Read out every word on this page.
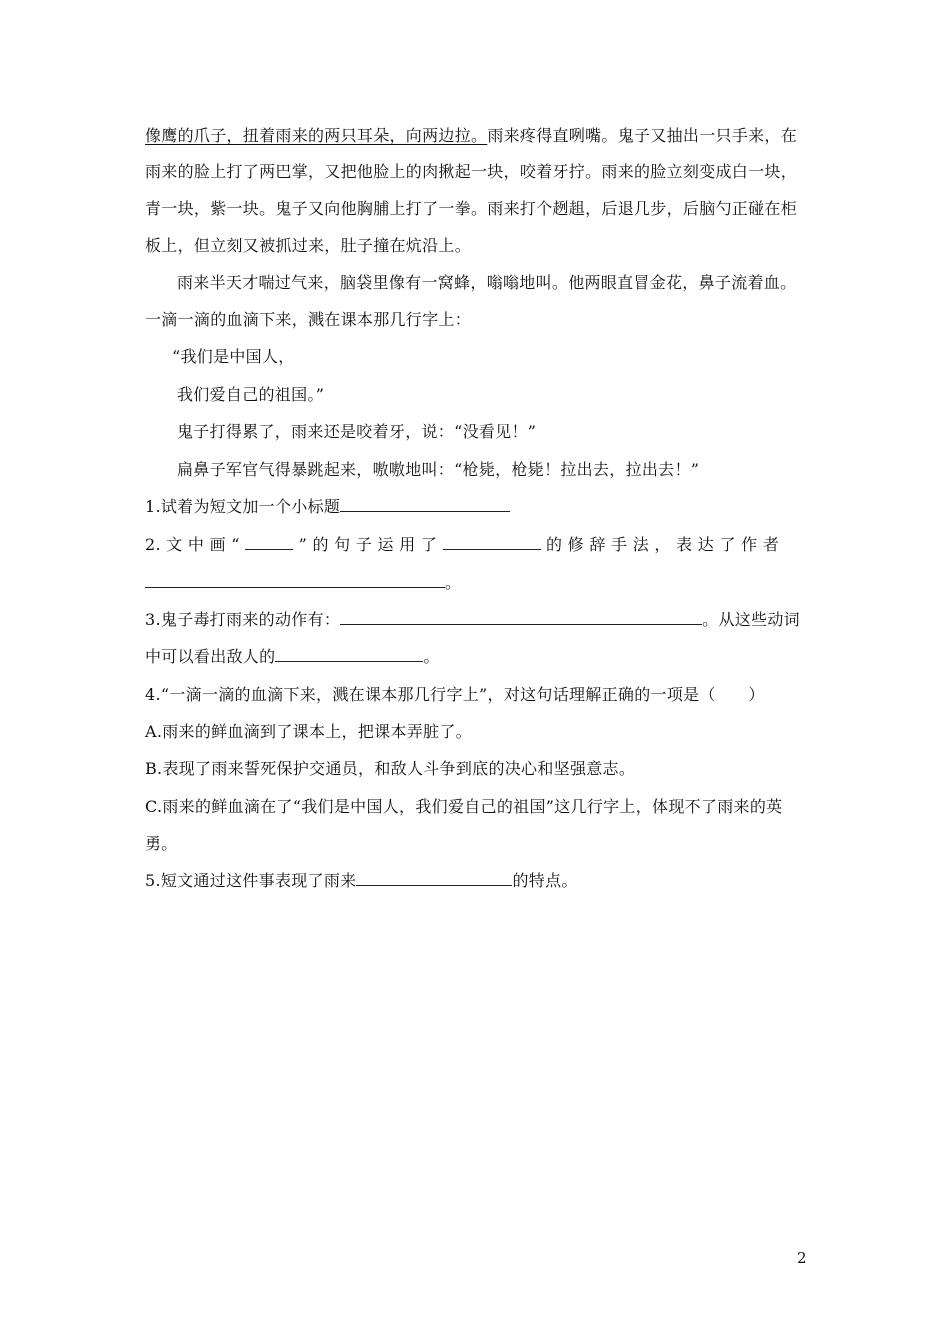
像鹰的爪子，扭着雨来的两只耳朵，向两边拉。雨来疼得直咧嘴。鬼子又抽出一只手来，在
雨来的脸上打了两巴掌，又把他脸上的肉揪起一块，咬着牙拧。雨来的脸立刻变成白一块，
青一块，紫一块。鬼子又向他胸脯上打了一拳。雨来打个趔趄，后退几步，后脑勺正碰在柜
板上，但立刻又被抓过来，肚子撞在炕沿上。
雨来半天才喘过气来，脑袋里像有一窝蜂，嗡嗡地叫。他两眼直冒金花，鼻子流着血。
一滴一滴的血滴下来，溅在课本那几行字上：
“我们是中国人，
我们爱自己的祖国。”
鬼子打得累了，雨来还是咬着牙，说：“没看见！”
扁鼻子军官气得暴跳起来，嗷嗷地叫：“枪毙，枪毙！拉出去，拉出去！”
1.试着为短文加一个小标题
2. 文 中 画 “	” 的 句 子 运 用 了	的 修 辞 手 法 ， 表 达 了 作 者
。
3.鬼子毒打雨来的动作有：	。从这些动词
中可以看出敌人的	。
4.“一滴一滴的血滴下来，溅在课本那几行字上”，对这句话理解正确的一项是（　　）
A.雨来的鲜血滴到了课本上，把课本弄脏了。
B.表现了雨来誓死保护交通员，和敌人斗争到底的决心和坚强意志。
C.雨来的鲜血滴在了“我们是中国人，我们爱自己的祖国”这几行字上，体现不了雨来的英
勇。
5.短文通过这件事表现了雨来	的特点。
2
